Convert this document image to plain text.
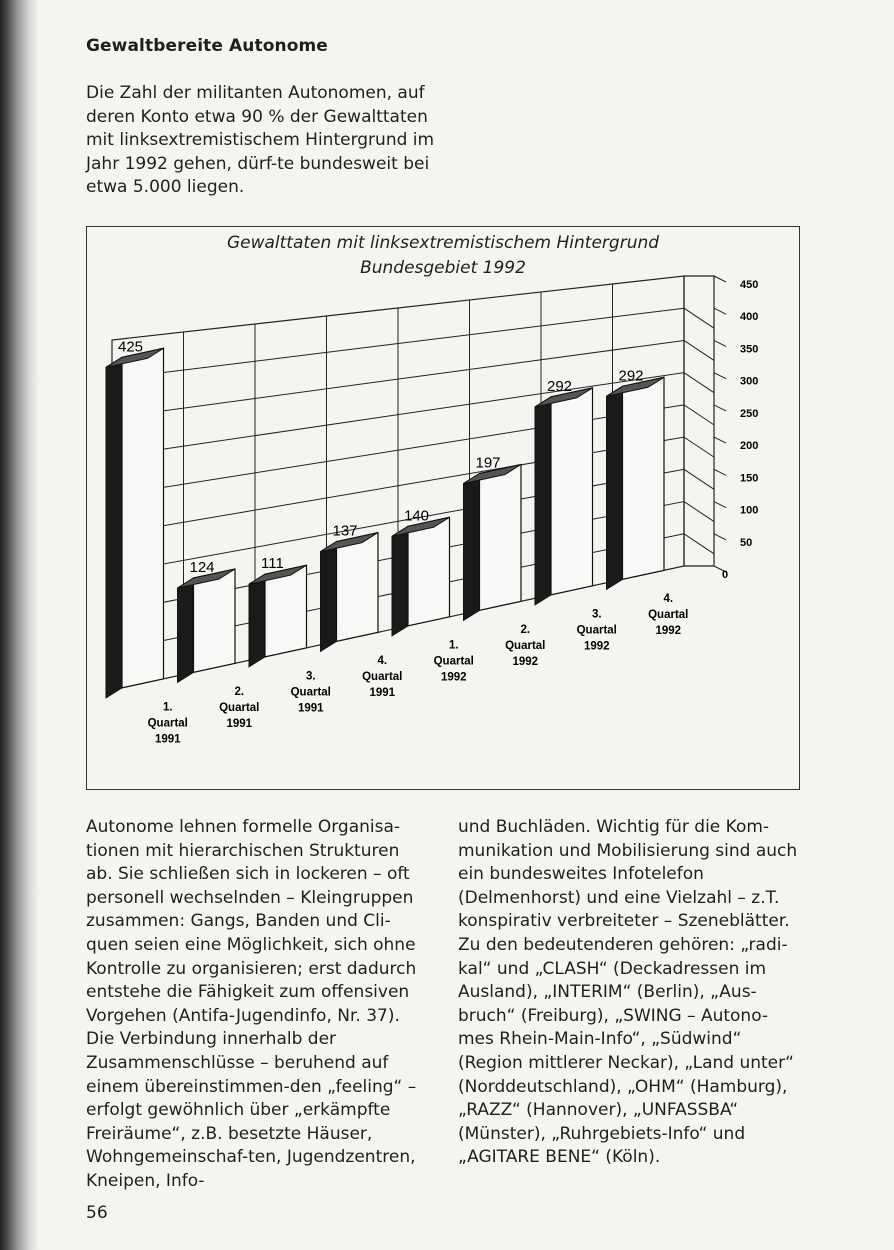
Gewaltbereite Autonome

Die Zahl der militanten Autonomen, auf deren Konto etwa 90 % der Gewalttaten mit linksextremistischem Hintergrund im Jahr 1992 gehen, dürf-te bundesweit bei etwa 5.000 liegen.

Gewalttaten mit linksextremistischem Hintergrund
Bundesgebiet 1992
0
50
100
150
200
250
300
350
400
450
425
124	111
137
140
197
292
292
1.
Quartal
1991
2.
Quartal
1991
3.
Quartal
1991
4.
Quartal
1991
1.
Quartal
1992
2.
Quartal
1992
3.
Quartal
1992
4.
Quartal
1992

Autonome lehnen formelle Organisa-tionen mit hierarchischen Strukturen ab. Sie schließen sich in lockeren – oft personell wechselnden – Kleingruppen zusammen: Gangs, Banden und Cli-quen seien eine Möglichkeit, sich ohne Kontrolle zu organisieren; erst dadurch entstehe die Fähigkeit zum offensiven Vorgehen (Antifa-Jugendinfo, Nr. 37). Die Verbindung innerhalb der Zusammenschlüsse – beruhend auf einem übereinstimmen-den „feeling“ – erfolgt gewöhnlich über „erkämpfte Freiräume“, z.B. besetzte Häuser, Wohngemeinschaf-ten, Jugendzentren, Kneipen, Info-

und Buchläden. Wichtig für die Kom-munikation und Mobilisierung sind auch ein bundesweites Infotelefon (Delmenhorst) und eine Vielzahl – z.T. konspirativ verbreiteter – Szeneblätter. Zu den bedeutenderen gehören: „radi-kal“ und „CLASH“ (Deckadressen im Ausland), „INTERIM“ (Berlin), „Aus-bruch“ (Freiburg), „SWING – Autono-mes Rhein-Main-Info“, „Südwind“ (Region mittlerer Neckar), „Land unter“ (Norddeutschland), „OHM“ (Hamburg), „RAZZ“ (Hannover), „UNFASSBA“ (Münster), „Ruhrgebiets-Info“ und „AGITARE BENE“ (Köln).

56
